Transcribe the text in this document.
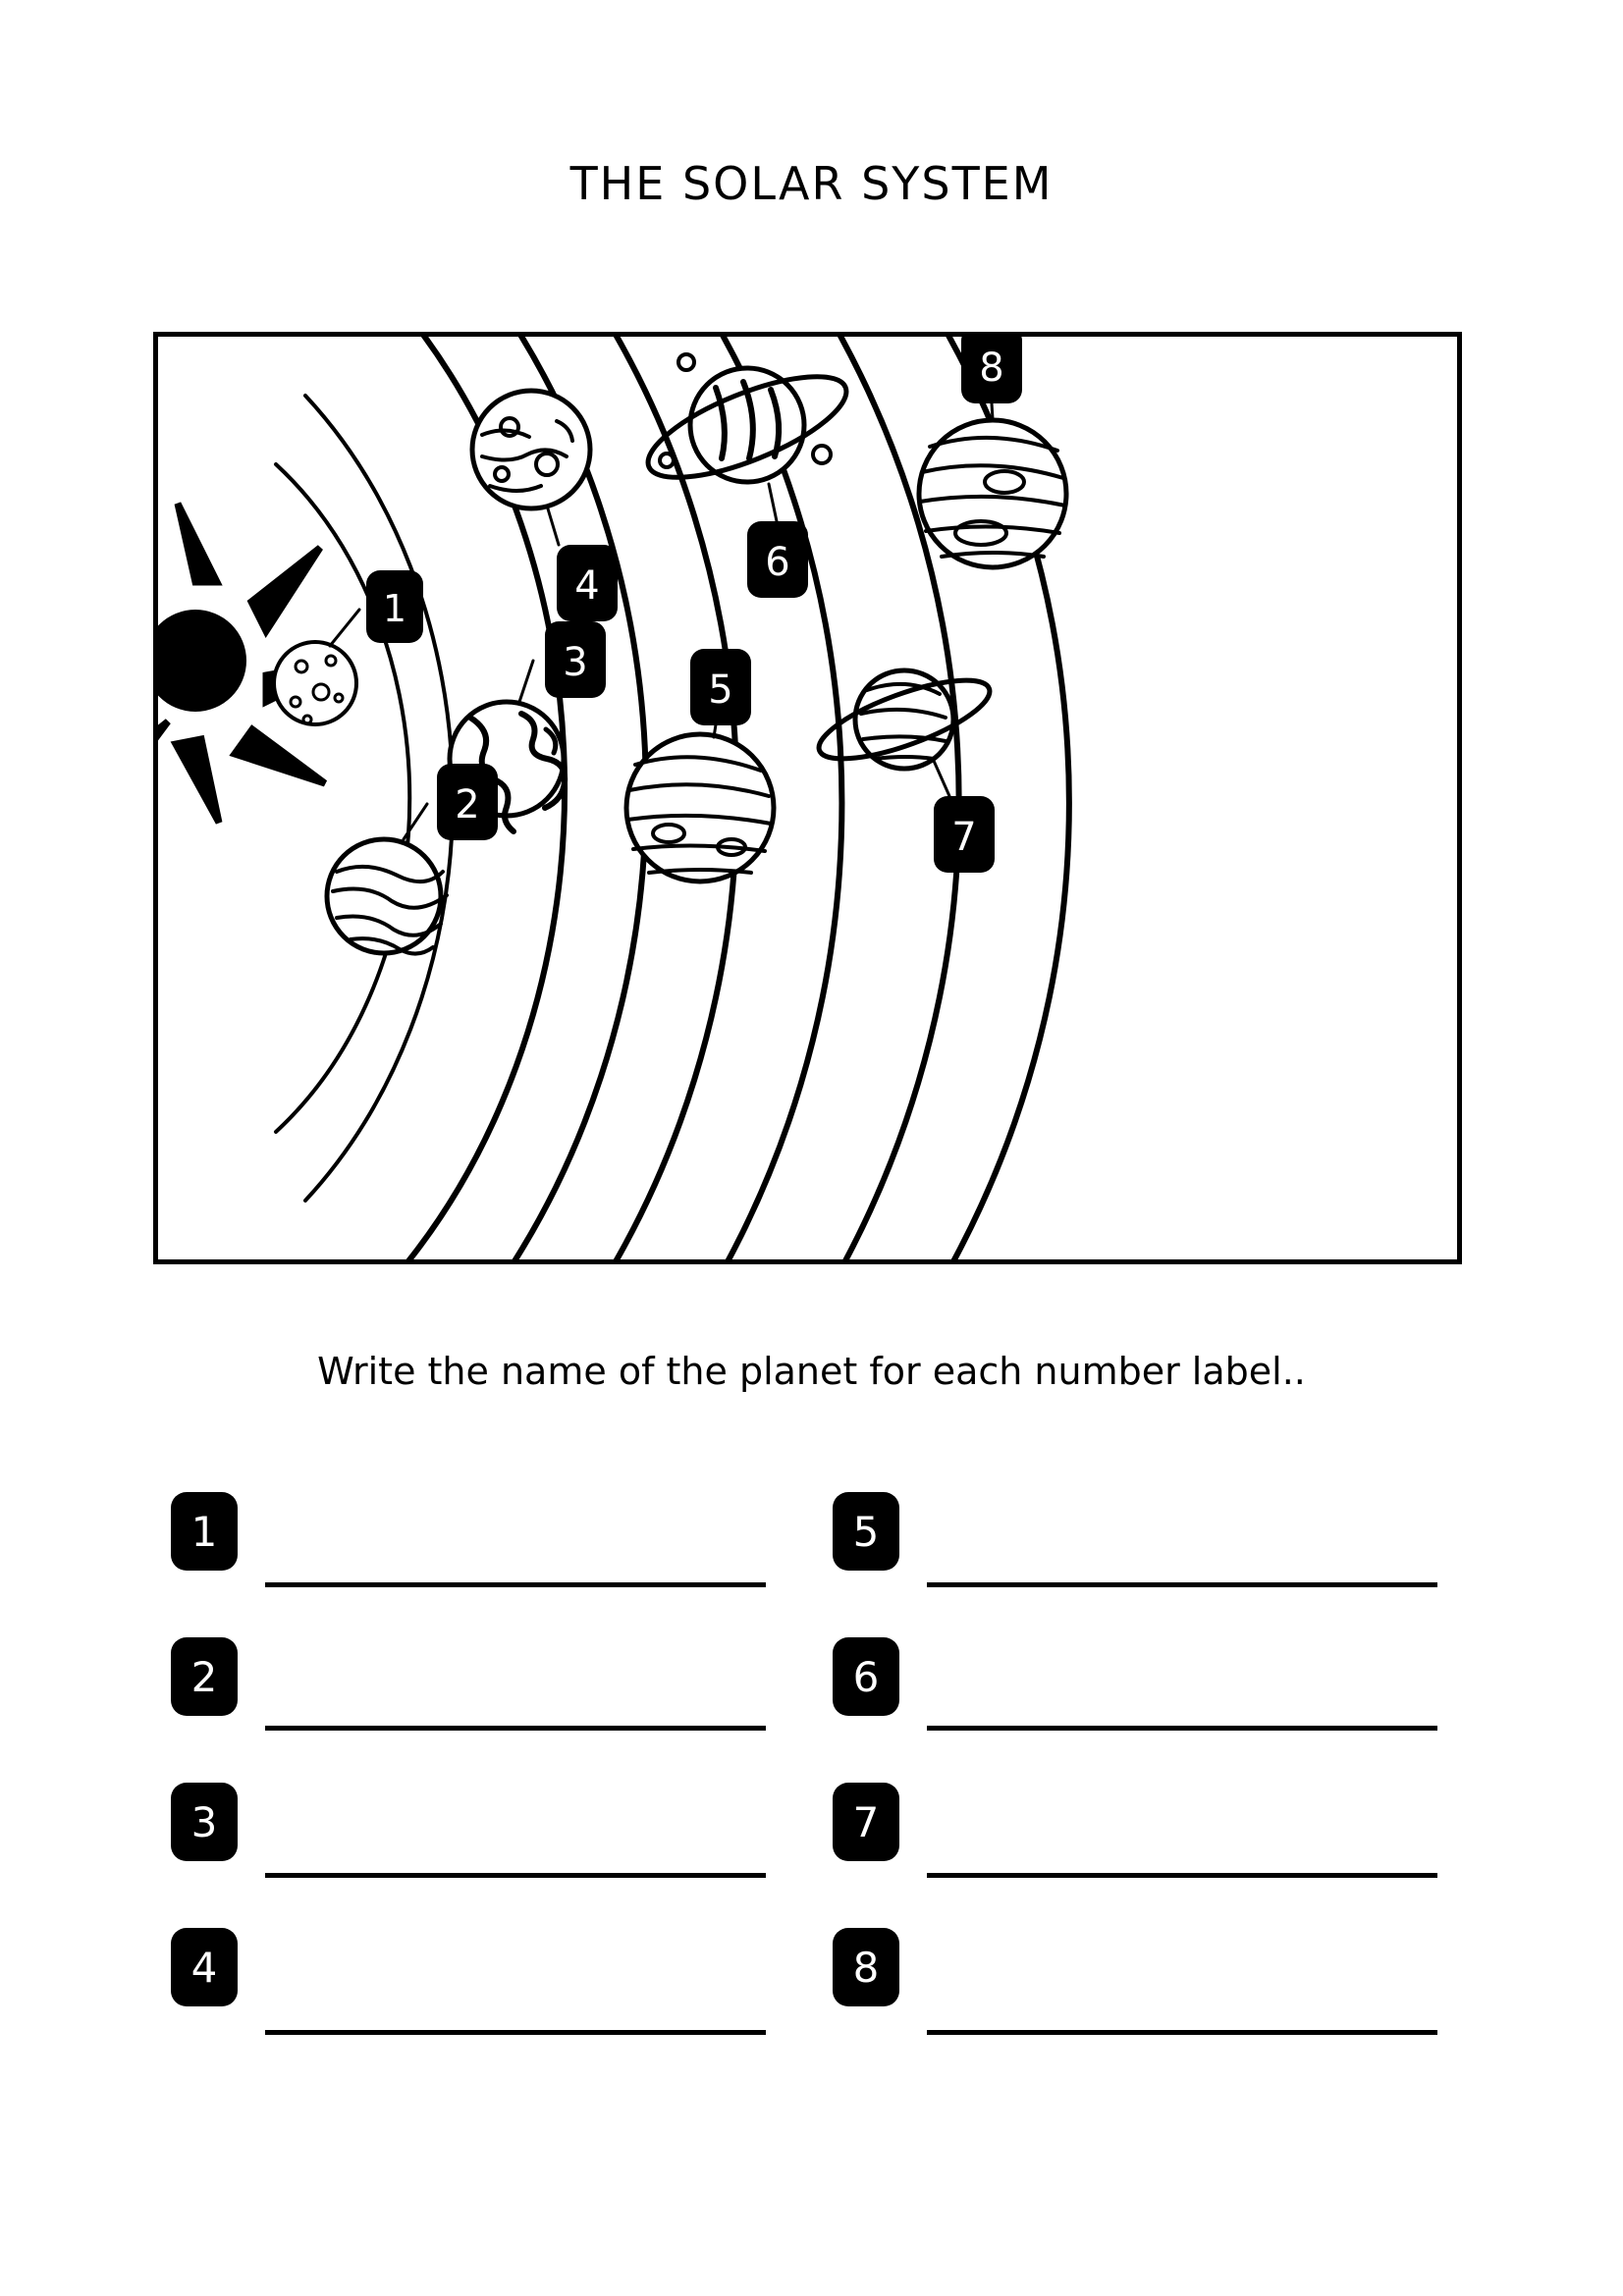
THE SOLAR SYSTEM
1
2
3
4
5
6
7
8
Write the name of the planet for each number label..
1
2
3
4
5
6
7
8
